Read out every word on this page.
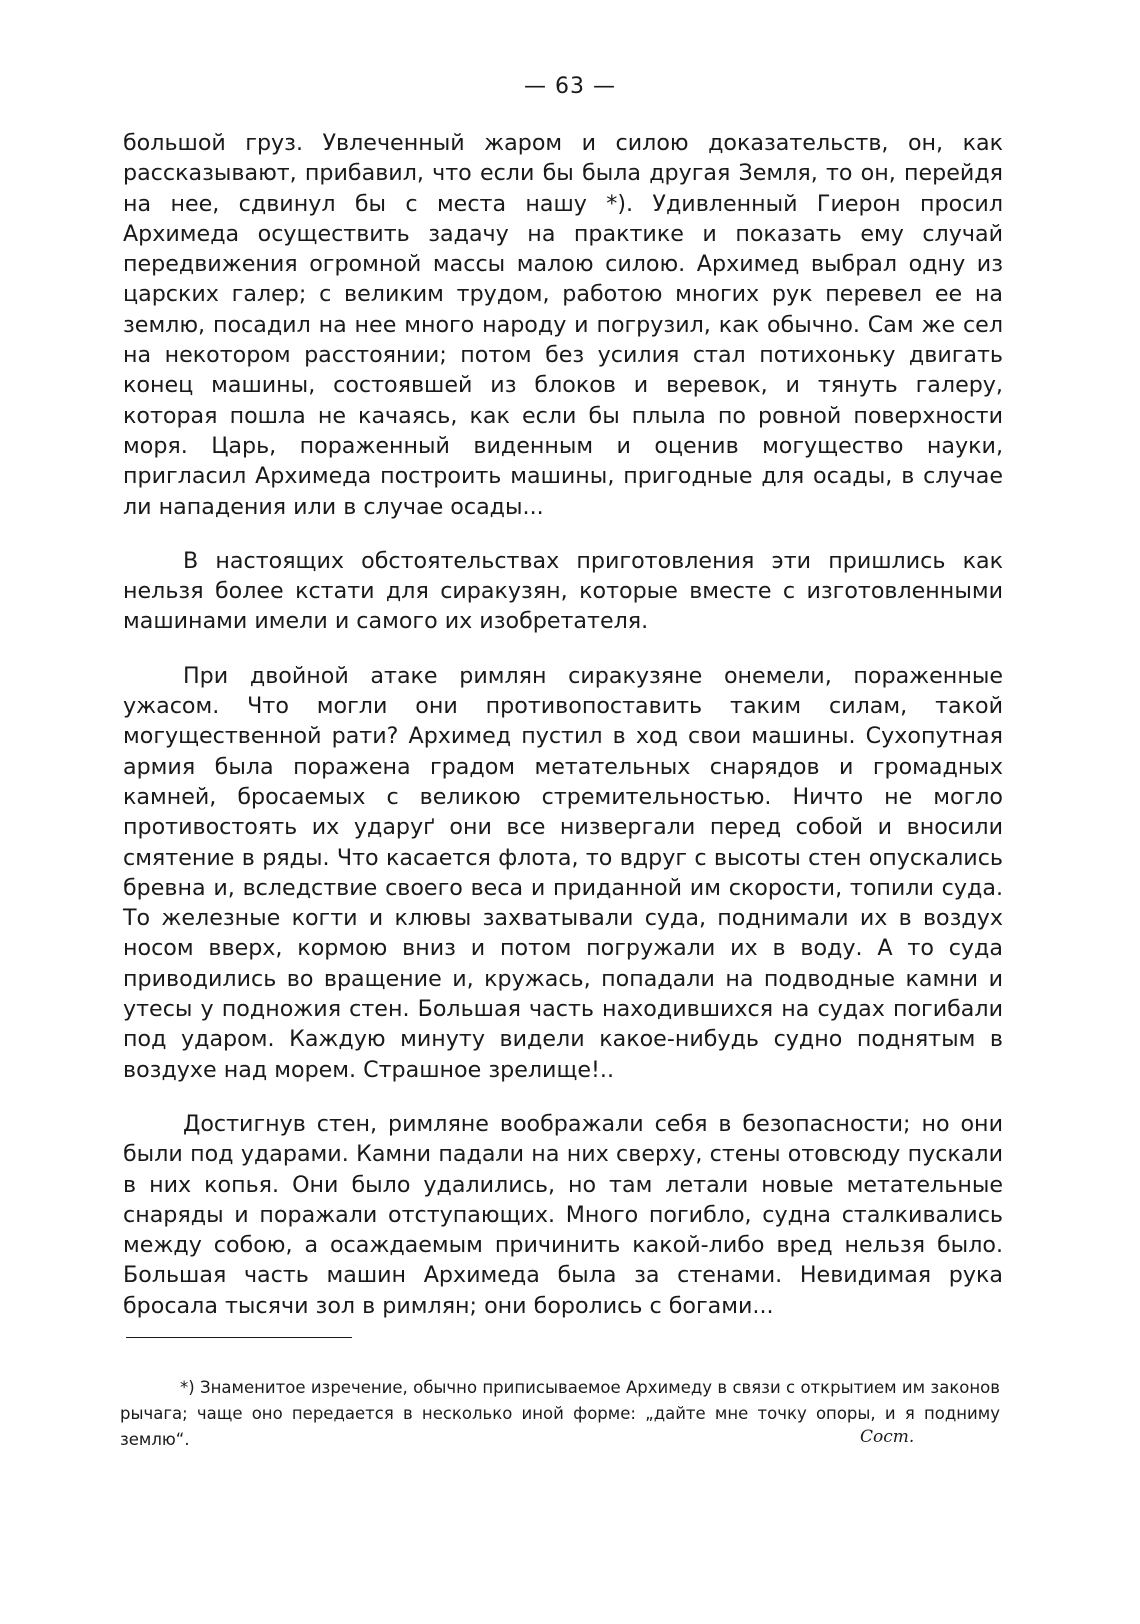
— 63 —

большой груз. Увлеченный жаром и силою доказательств, он, как рассказывают, прибавил, что если бы была другая Земля, то он, перейдя на нее, сдвинул бы с места нашу *). Удивленный Гиерон просил Архимеда осуществить задачу на практике и показать ему случай передвижения огромной массы малою силою. Архимед выбрал одну из царских галер; с великим трудом, работою многих рук перевел ее на землю, посадил на нее много народу и погрузил, как обычно. Сам же сел на некотором расстоянии; потом без усилия стал потихоньку двигать конец машины, состоявшей из блоков и веревок, и тянуть галеру, которая пошла не качаясь, как если бы плыла по ровной поверхности моря. Царь, пораженный виденным и оценив могущество науки, пригласил Архимеда построить машины, пригодные для осады, в случае ли нападения или в случае осады...

В настоящих обстоятельствах приготовления эти пришлись как нельзя более кстати для сиракузян, которые вместе с изготовленными машинами имели и самого их изобретателя.

При двойной атаке римлян сиракузяне онемели, пораженные ужасом. Что могли они противопоставить таким силам, такой могущественной рати? Архимед пустил в ход свои машины. Сухопутная армия была поражена градом метательных снарядов и громадных камней, бросаемых с великою стремительностью. Ничто не могло противостоять их ударуґ они все низвергали перед собой и вносили смятение в ряды. Что касается флота, то вдруг с высоты стен опускались бревна и, вследствие своего веса и приданной им скорости, топили суда. То железные когти и клювы захватывали суда, поднимали их в воздух носом вверх, кормою вниз и потом погружали их в воду. А то суда приводились во вращение и, кружась, попадали на подводные камни и утесы у подножия стен. Большая часть находившихся на судах погибали под ударом. Каждую минуту видели какое-нибудь судно поднятым в воздухе над морем. Страшное зрелище!..

Достигнув стен, римляне воображали себя в безопасности; но они были под ударами. Камни падали на них сверху, стены отовсюду пускали в них копья. Они было удалились, но там летали новые метательные снаряды и поражали отступающих. Много погибло, судна сталкивались между собою, а осаждаемым причинить какой-либо вред нельзя было. Большая часть машин Архимеда была за стенами. Невидимая рука бросала тысячи зол в римлян; они боролись с богами...

*) Знаменитое изречение, обычно приписываемое Архимеду в связи с открытием им законов рычага; чаще оно передается в несколько иной форме: „дайте мне точку опоры, и я подниму землю“.	Сост.
